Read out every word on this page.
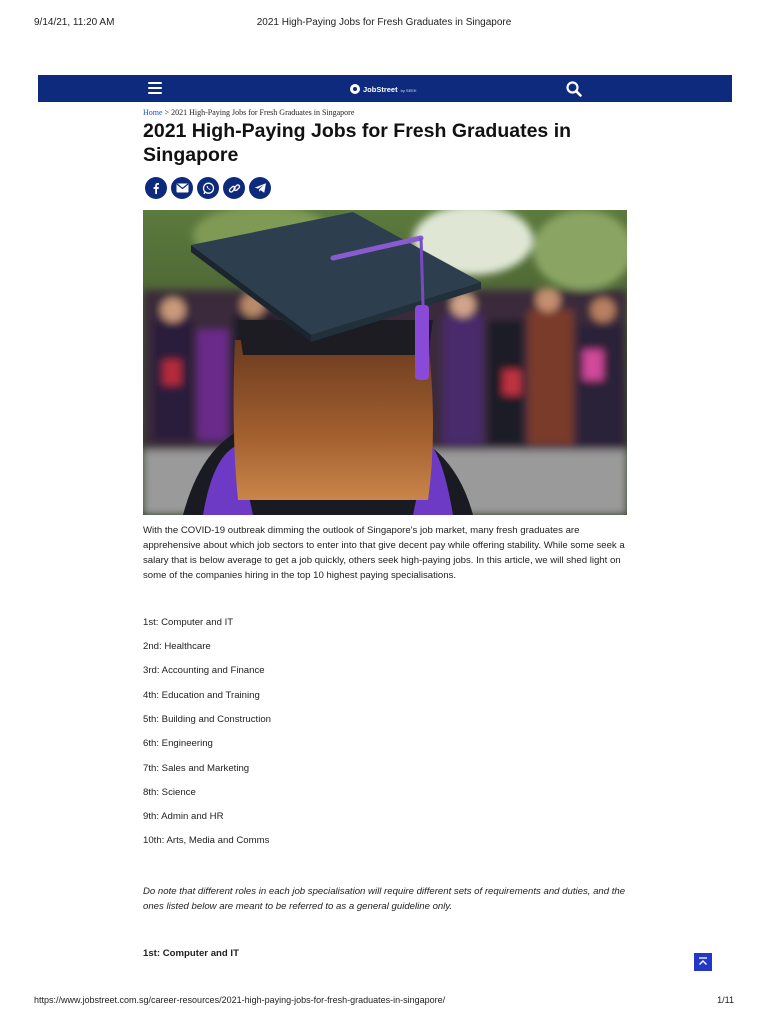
9/14/21, 11:20 AM	2021 High-Paying Jobs for Fresh Graduates in Singapore
JobStreet by SEEK
Home > 2021 High-Paying Jobs for Fresh Graduates in Singapore
2021 High-Paying Jobs for Fresh Graduates in Singapore

With the COVID-19 outbreak dimming the outlook of Singapore's job market, many fresh graduates are apprehensive about which job sectors to enter into that give decent pay while offering stability. While some seek a salary that is below average to get a job quickly, others seek high-paying jobs. In this article, we will shed light on some of the companies hiring in the top 10 highest paying specialisations.

1st: Computer and IT
2nd: Healthcare
3rd: Accounting and Finance
4th: Education and Training
5th: Building and Construction
6th: Engineering
7th: Sales and Marketing
8th: Science
9th: Admin and HR
10th: Arts, Media and Comms

Do note that different roles in each job specialisation will require different sets of requirements and duties, and the ones listed below are meant to be referred to as a general guideline only.

1st: Computer and IT
https://www.jobstreet.com.sg/career-resources/2021-high-paying-jobs-for-fresh-graduates-in-singapore/	1/11
